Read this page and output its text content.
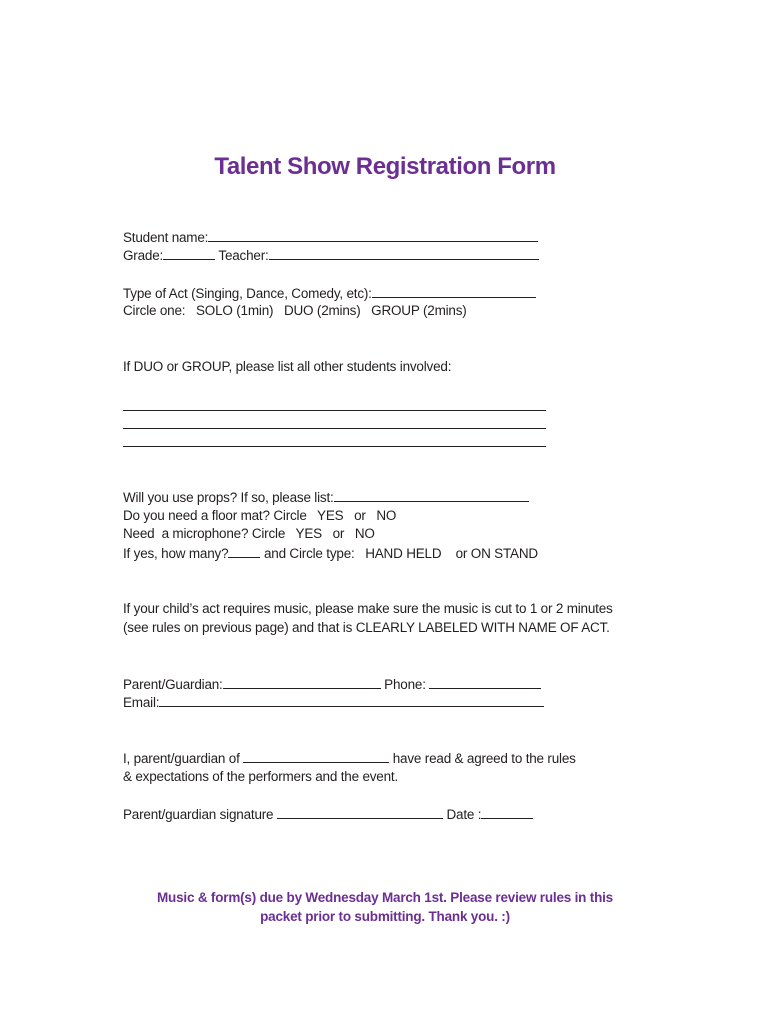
Talent Show Registration Form
Student name:
Grade:	Teacher:
Type of Act (Singing, Dance, Comedy, etc):
Circle one:   SOLO (1min)   DUO (2mins)   GROUP (2mins)
If DUO or GROUP, please list all other students involved:
Will you use props? If so, please list:
Do you need a floor mat? Circle   YES   or   NO
Need  a microphone? Circle   YES   or   NO
If yes, how many? and Circle type:   HAND HELD    or ON STAND
If your child’s act requires music, please make sure the music is cut to 1 or 2 minutes
(see rules on previous page) and that is CLEARLY LABELED WITH NAME OF ACT.
Parent/Guardian:	Phone:
Email:
I, parent/guardian of	have read & agreed to the rules
& expectations of the performers and the event.
Parent/guardian signature	Date :
Music & form(s) due by Wednesday March 1st. Please review rules in this
packet prior to submitting. Thank you. :)
